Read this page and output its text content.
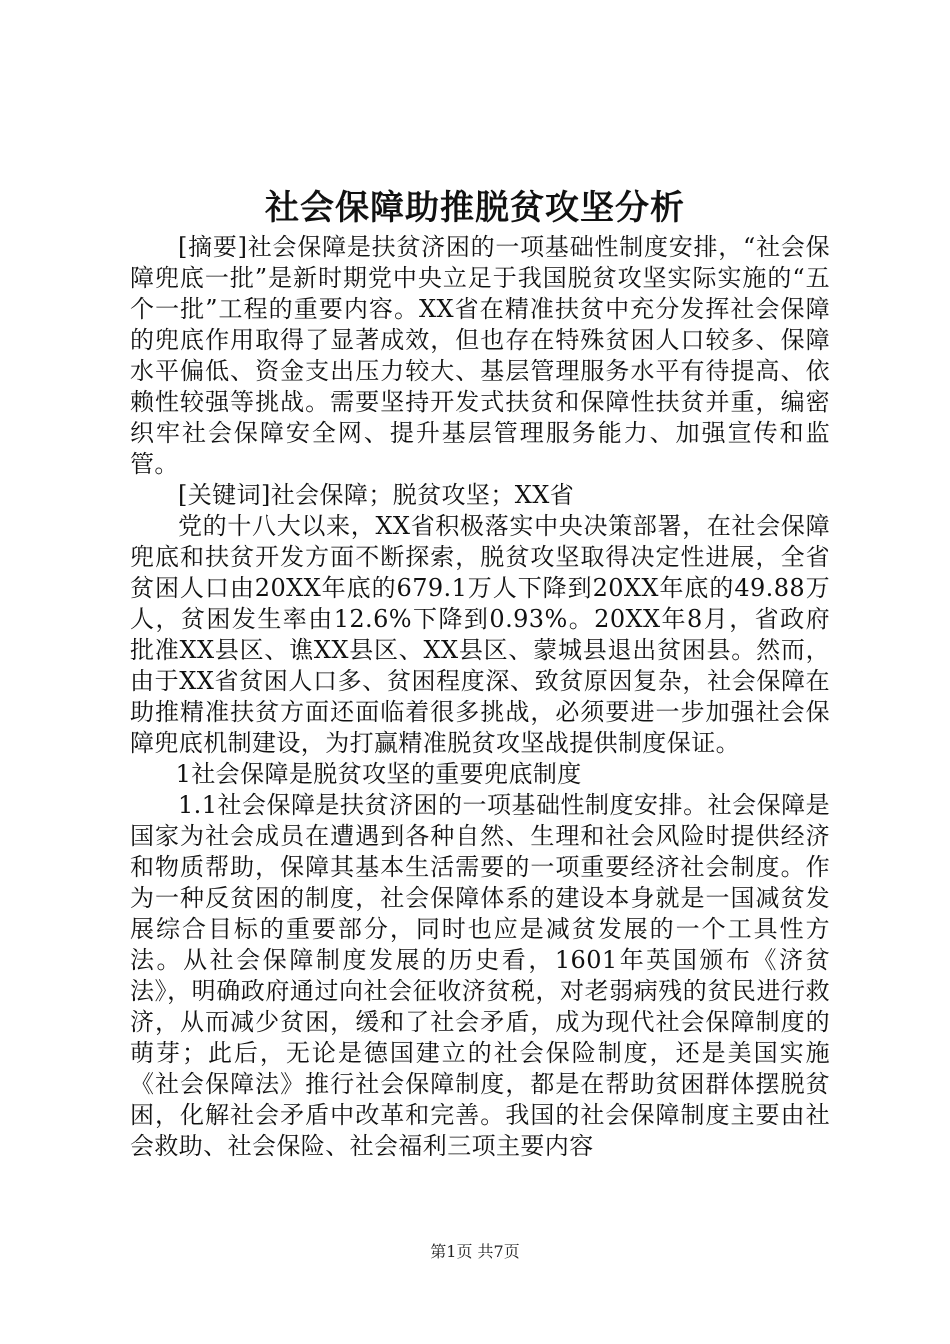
社会保障助推脱贫攻坚分析

[摘要]社会保障是扶贫济困的一项基础性制度安排，“社会保障兜底一批”是新时期党中央立足于我国脱贫攻坚实际实施的“五个一批”工程的重要内容。XX省在精准扶贫中充分发挥社会保障的兜底作用取得了显著成效，但也存在特殊贫困人口较多、保障水平偏低、资金支出压力较大、基层管理服务水平有待提高、依赖性较强等挑战。需要坚持开发式扶贫和保障性扶贫并重，编密织牢社会保障安全网、提升基层管理服务能力、加强宣传和监管。

[关键词]社会保障；脱贫攻坚；XX省

党的十八大以来，XX省积极落实中央决策部署，在社会保障兜底和扶贫开发方面不断探索，脱贫攻坚取得决定性进展，全省贫困人口由20XX年底的679.1万人下降到20XX年底的49.88万人，贫困发生率由12.6%下降到0.93%。20XX年8月，省政府批准XX县区、谯XX县区、XX县区、蒙城县退出贫困县。然而，由于XX省贫困人口多、贫困程度深、致贫原因复杂，社会保障在助推精准扶贫方面还面临着很多挑战，必须要进一步加强社会保障兜底机制建设，为打赢精准脱贫攻坚战提供制度保证。

1社会保障是脱贫攻坚的重要兜底制度

1.1社会保障是扶贫济困的一项基础性制度安排。社会保障是国家为社会成员在遭遇到各种自然、生理和社会风险时提供经济和物质帮助，保障其基本生活需要的一项重要经济社会制度。作为一种反贫困的制度，社会保障体系的建设本身就是一国减贫发展综合目标的重要部分，同时也应是减贫发展的一个工具性方法。从社会保障制度发展的历史看，1601年英国颁布《济贫法》，明确政府通过向社会征收济贫税，对老弱病残的贫民进行救济，从而减少贫困，缓和了社会矛盾，成为现代社会保障制度的萌芽；此后，无论是德国建立的社会保险制度，还是美国实施《社会保障法》推行社会保障制度，都是在帮助贫困群体摆脱贫困，化解社会矛盾中改革和完善。我国的社会保障制度主要由社会救助、社会保险、社会福利三项主要内容

第1页 共7页
